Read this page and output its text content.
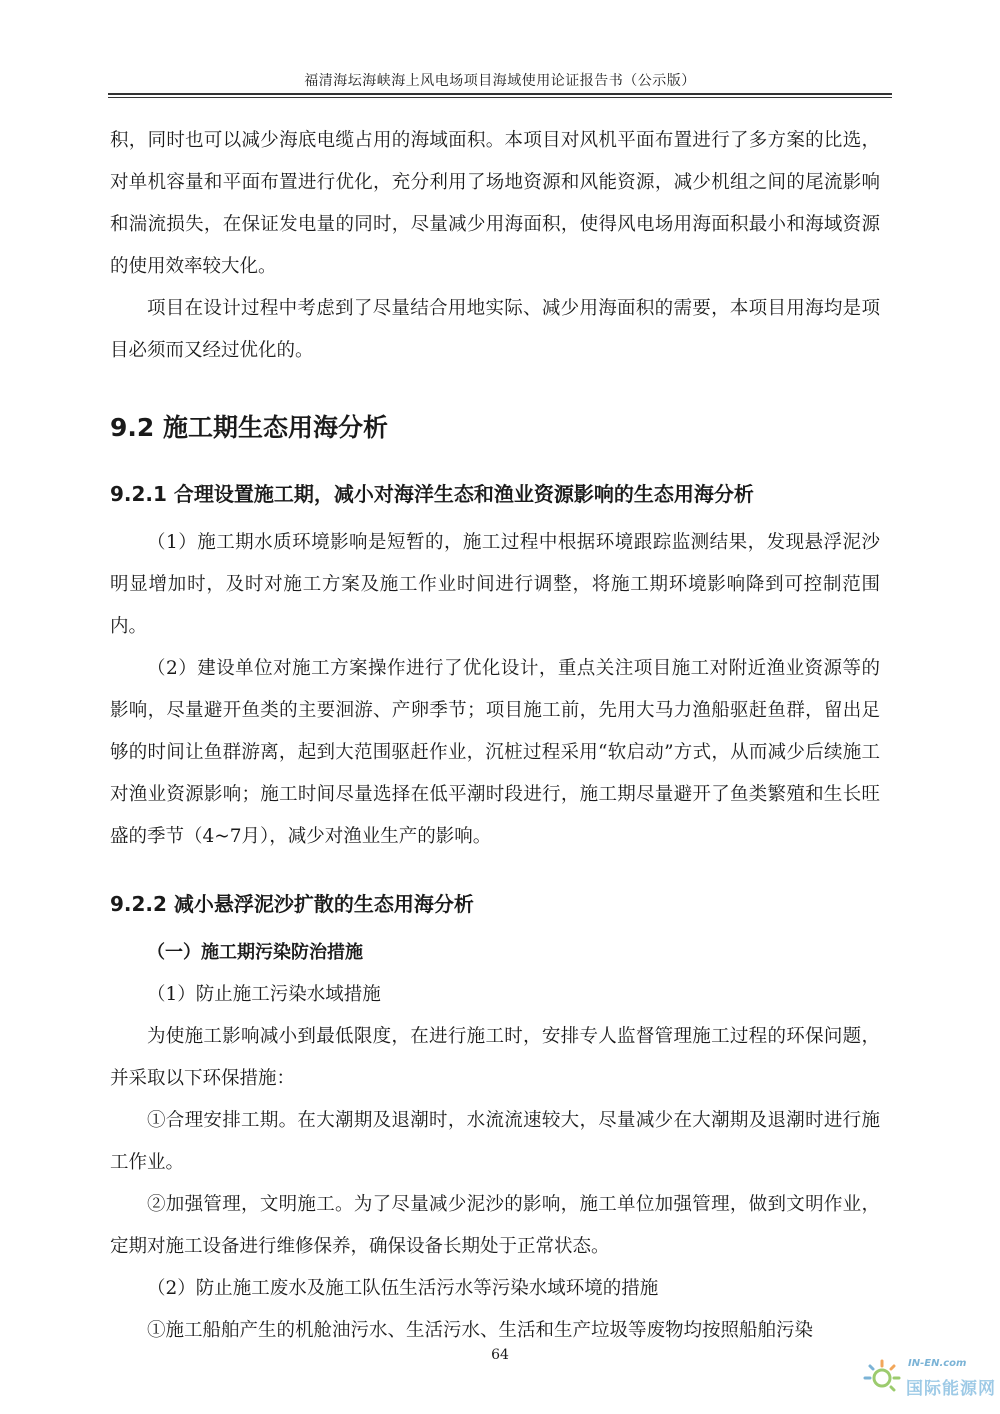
福清海坛海峡海上风电场项目海域使用论证报告书（公示版）

积，同时也可以减少海底电缆占用的海域面积。本项目对风机平面布置进行了多方案的比选，对单机容量和平面布置进行优化，充分利用了场地资源和风能资源，减少机组之间的尾流影响和湍流损失，在保证发电量的同时，尽量减少用海面积，使得风电场用海面积最小和海域资源的使用效率较大化。

项目在设计过程中考虑到了尽量结合用地实际、减少用海面积的需要，本项目用海均是项目必须而又经过优化的。

9.2 施工期生态用海分析
9.2.1 合理设置施工期，减小对海洋生态和渔业资源影响的生态用海分析

（1）施工期水质环境影响是短暂的，施工过程中根据环境跟踪监测结果，发现悬浮泥沙明显增加时，及时对施工方案及施工作业时间进行调整，将施工期环境影响降到可控制范围内。

（2）建设单位对施工方案操作进行了优化设计，重点关注项目施工对附近渔业资源等的影响，尽量避开鱼类的主要洄游、产卵季节；项目施工前，先用大马力渔船驱赶鱼群，留出足够的时间让鱼群游离，起到大范围驱赶作业，沉桩过程采用“软启动”方式，从而减少后续施工对渔业资源影响；施工时间尽量选择在低平潮时段进行，施工期尽量避开了鱼类繁殖和生长旺盛的季节（4~7月），减少对渔业生产的影响。

9.2.2 减小悬浮泥沙扩散的生态用海分析

（一）施工期污染防治措施

（1）防止施工污染水域措施

为使施工影响减小到最低限度，在进行施工时，安排专人监督管理施工过程的环保问题，并采取以下环保措施：

①合理安排工期。在大潮期及退潮时，水流流速较大，尽量减少在大潮期及退潮时进行施工作业。

②加强管理，文明施工。为了尽量减少泥沙的影响，施工单位加强管理，做到文明作业，定期对施工设备进行维修保养，确保设备长期处于正常状态。

（2）防止施工废水及施工队伍生活污水等污染水域环境的措施

①施工船舶产生的机舱油污水、生活污水、生活和生产垃圾等废物均按照船舶污染

64
IN-EN.com
国际能源网
